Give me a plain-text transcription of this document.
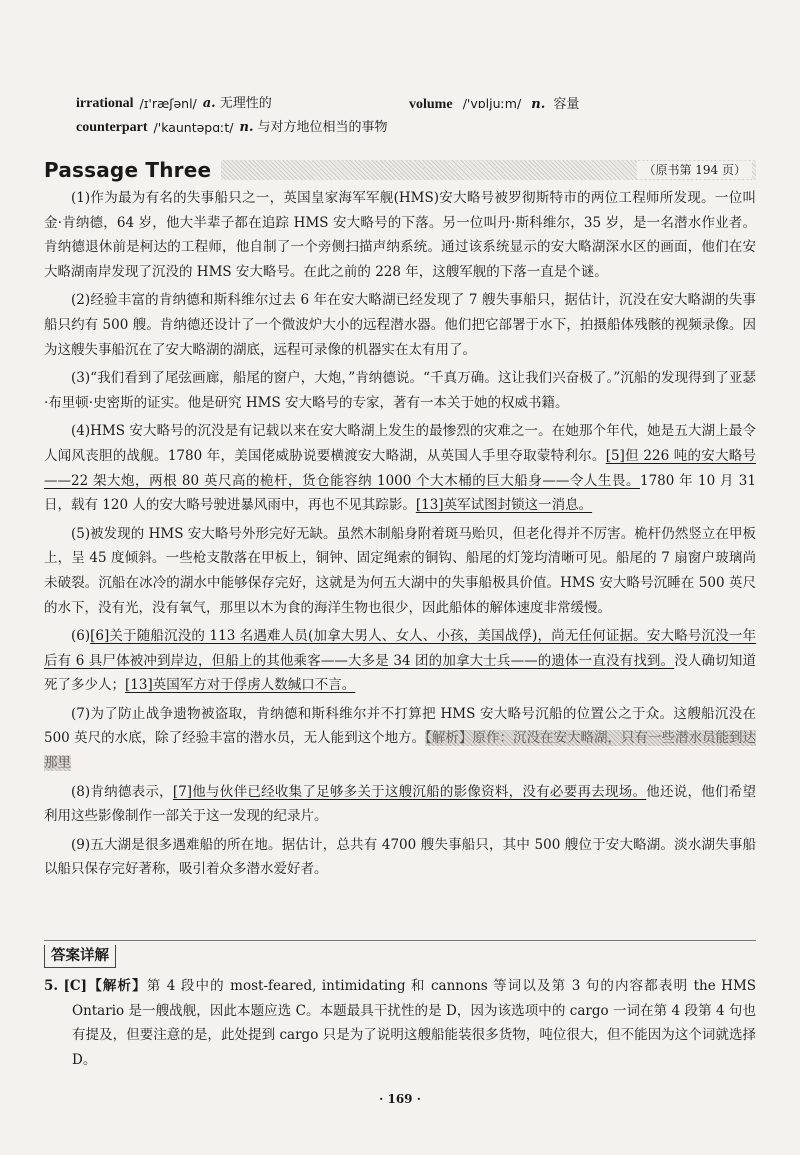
irrational /ɪ'ræʃənl/ a. 无理性的	volume /'vɒljuːm/ n. 容量
counterpart /'kauntəpɑːt/ n. 与对方地位相当的事物
Passage Three	（原书第 194 页）

(1)作为最为有名的失事船只之一，英国皇家海军军舰(HMS)安大略号被罗彻斯特市的两位工程师所发现。一位叫金·肯纳德，64 岁，他大半辈子都在追踪 HMS 安大略号的下落。另一位叫丹·斯科维尔，35 岁，是一名潜水作业者。肯纳德退休前是柯达的工程师，他自制了一个旁侧扫描声纳系统。通过该系统显示的安大略湖深水区的画面，他们在安大略湖南岸发现了沉没的 HMS 安大略号。在此之前的 228 年，这艘军舰的下落一直是个谜。

(2)经验丰富的肯纳德和斯科维尔过去 6 年在安大略湖已经发现了 7 艘失事船只，据估计，沉没在安大略湖的失事船只约有 500 艘。肯纳德还设计了一个微波炉大小的远程潜水器。他们把它部署于水下，拍摄船体残骸的视频录像。因为这艘失事船沉在了安大略湖的湖底，远程可录像的机器实在太有用了。

(3)“我们看到了尾弦画廊，船尾的窗户，大炮，”肯纳德说。“千真万确。这让我们兴奋极了。”沉船的发现得到了亚瑟·布里顿·史密斯的证实。他是研究 HMS 安大略号的专家，著有一本关于她的权威书籍。

(4)HMS 安大略号的沉没是有记载以来在安大略湖上发生的最惨烈的灾难之一。在她那个年代，她是五大湖上最令人闻风丧胆的战舰。1780 年，美国佬威胁说要横渡安大略湖，从英国人手里夺取蒙特利尔。[5]但 226 吨的安大略号——22 架大炮，两根 80 英尺高的桅杆，货仓能容纳 1000 个大木桶的巨大船身——令人生畏。1780 年 10 月 31 日，载有 120 人的安大略号驶进暴风雨中，再也不见其踪影。[13]英军试图封锁这一消息。

(5)被发现的 HMS 安大略号外形完好无缺。虽然木制船身附着斑马贻贝，但老化得并不厉害。桅杆仍然竖立在甲板上，呈 45 度倾斜。一些枪支散落在甲板上，铜钟、固定绳索的铜钩、船尾的灯笼均清晰可见。船尾的 7 扇窗户玻璃尚未破裂。沉船在冰冷的湖水中能够保存完好，这就是为何五大湖中的失事船极具价值。HMS 安大略号沉睡在 500 英尺的水下，没有光，没有氧气，那里以木为食的海洋生物也很少，因此船体的解体速度非常缓慢。

(6)[6]关于随船沉没的 113 名遇难人员(加拿大男人、女人、小孩，美国战俘)，尚无任何证据。安大略号沉没一年后有 6 具尸体被冲到岸边，但船上的其他乘客——大多是 34 团的加拿大士兵——的遗体一直没有找到。没人确切知道死了多少人；[13]英国军方对于俘虏人数缄口不言。

(7)为了防止战争遗物被盗取，肯纳德和斯科维尔并不打算把 HMS 安大略号沉船的位置公之于众。这艘船沉没在 500 英尺的水底，除了经验丰富的潜水员，无人能到这个地方。【解析】原作：沉没在安大略湖，只有一些潜水员能到达那里

(8)肯纳德表示，[7]他与伙伴已经收集了足够多关于这艘沉船的影像资料，没有必要再去现场。他还说，他们希望利用这些影像制作一部关于这一发现的纪录片。

(9)五大湖是很多遇难船的所在地。据估计，总共有 4700 艘失事船只，其中 500 艘位于安大略湖。淡水湖失事船以船只保存完好著称，吸引着众多潜水爱好者。

答案详解
5. [C]【解析】第 4 段中的 most-feared, intimidating 和 cannons 等词以及第 3 句的内容都表明 the HMS Ontario 是一艘战舰，因此本题应选 C。本题最具干扰性的是 D，因为该选项中的 cargo 一词在第 4 段第 4 句也有提及，但要注意的是，此处提到 cargo 只是为了说明这艘船能装很多货物，吨位很大，但不能因为这个词就选择 D。
· 169 ·
